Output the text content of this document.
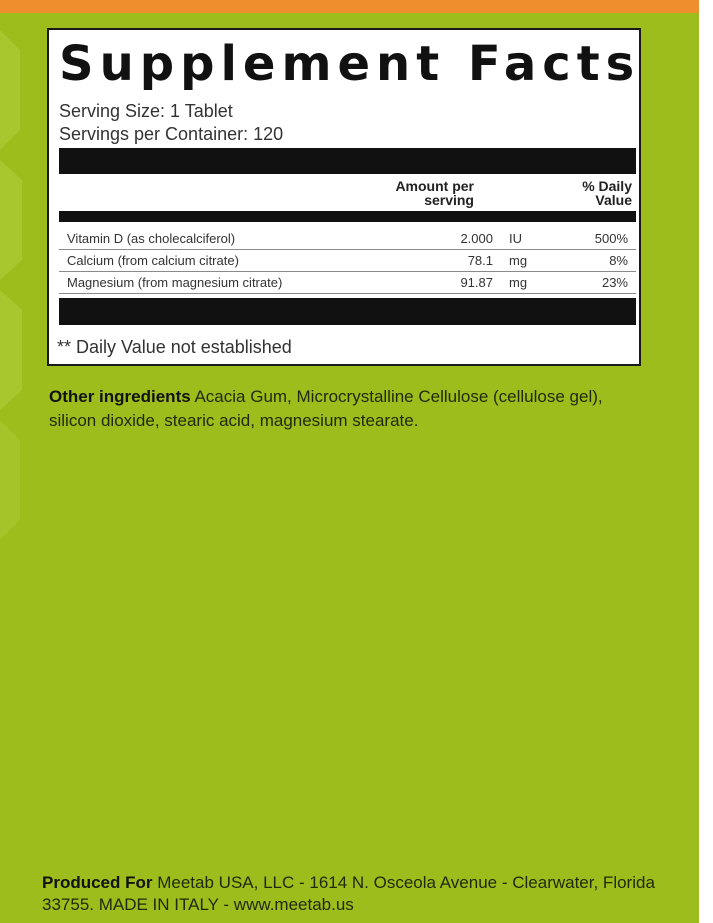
Supplement Facts
Serving Size: 1 Tablet
Servings per Container: 120
Amount per
serving
% Daily
Value
Vitamin D (as cholecalciferol)	2.000	IU	500%
Calcium (from calcium citrate)	78.1	mg	8%
Magnesium (from magnesium citrate)	91.87	mg	23%
** Daily Value not established
Other ingredients Acacia Gum, Microcrystalline Cellulose (cellulose gel), silicon dioxide, stearic acid, magnesium stearate.
Produced For Meetab USA, LLC - 1614 N. Osceola Avenue - Clearwater, Florida 33755. MADE IN ITALY - www.meetab.us
